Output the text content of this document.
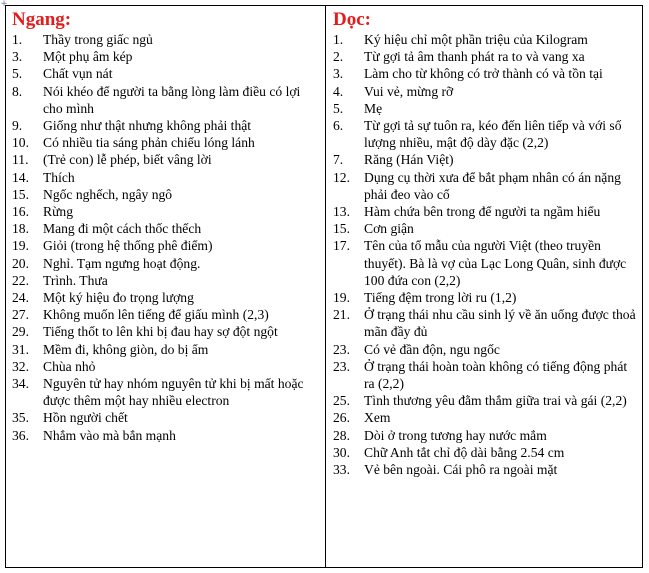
+
Ngang:
1.	Thầy trong giấc ngủ
3.	Một phụ âm kép
5.	Chất vụn nát
8.	Nói khéo để người ta bằng lòng làm điều có lợi cho mình
9.	Giống như thật nhưng không phải thật
10.	Có nhiều tia sáng phản chiếu lóng lánh
11.	(Trẻ con) lễ phép, biết vâng lời
14.	Thích
15.	Ngốc nghếch, ngây ngô
16.	Rừng
18.	Mang đi một cách thốc thếch
19.	Giỏi (trong hệ thống phê điểm)
20.	Nghỉ. Tạm ngưng hoạt động.
22.	Trình. Thưa
24.	Một ký hiệu đo trọng lượng
27.	Không muốn lên tiếng để giấu mình (2,3)
29.	Tiếng thốt to lên khi bị đau hay sợ đột ngột
31.	Mềm đi, không giòn, do bị ẩm
32.	Chùa nhỏ
34.	Nguyên tử hay nhóm nguyên tử khi bị mất hoặc được thêm một hay nhiều electron
35.	Hồn người chết
36.	Nhắm vào mà bắn mạnh
Dọc:
1.	Ký hiệu chỉ một phần triệu của Kilogram
2.	Từ gợi tả âm thanh phát ra to và vang xa
3.	Làm cho từ không có trở thành có và tồn tại
4.	Vui vẻ, mừng rỡ
5.	Mẹ
6.	Từ gợi tả sự tuôn ra, kéo đến liên tiếp và với số lượng nhiều, mật độ dày đặc (2,2)
7.	Răng (Hán Việt)
12.	Dụng cụ thời xưa để bắt phạm nhân có án nặng phải đeo vào cổ
13.	Hàm chứa bên trong để người ta ngầm hiểu
15.	Cơn giận
17.	Tên của tổ mẫu của người Việt (theo truyền thuyết). Bà là vợ của Lạc Long Quân, sinh được 100 đứa con (2,2)
19.	Tiếng đệm trong lời ru (1,2)
21.	Ở trạng thái nhu cầu sinh lý về ăn uống được thoả mãn đầy đủ
23.	Có vẻ đần độn, ngu ngốc
23.	Ở trạng thái hoàn toàn không có tiếng động phát ra (2,2)
25.	Tình thương yêu đằm thắm giữa trai và gái (2,2)
26.	Xem
28.	Dòi ở trong tương hay nước mắm
30.	Chữ Anh tắt chỉ độ dài bằng 2.54 cm
33.	Vẻ bên ngoài. Cái phô ra ngoài mặt
